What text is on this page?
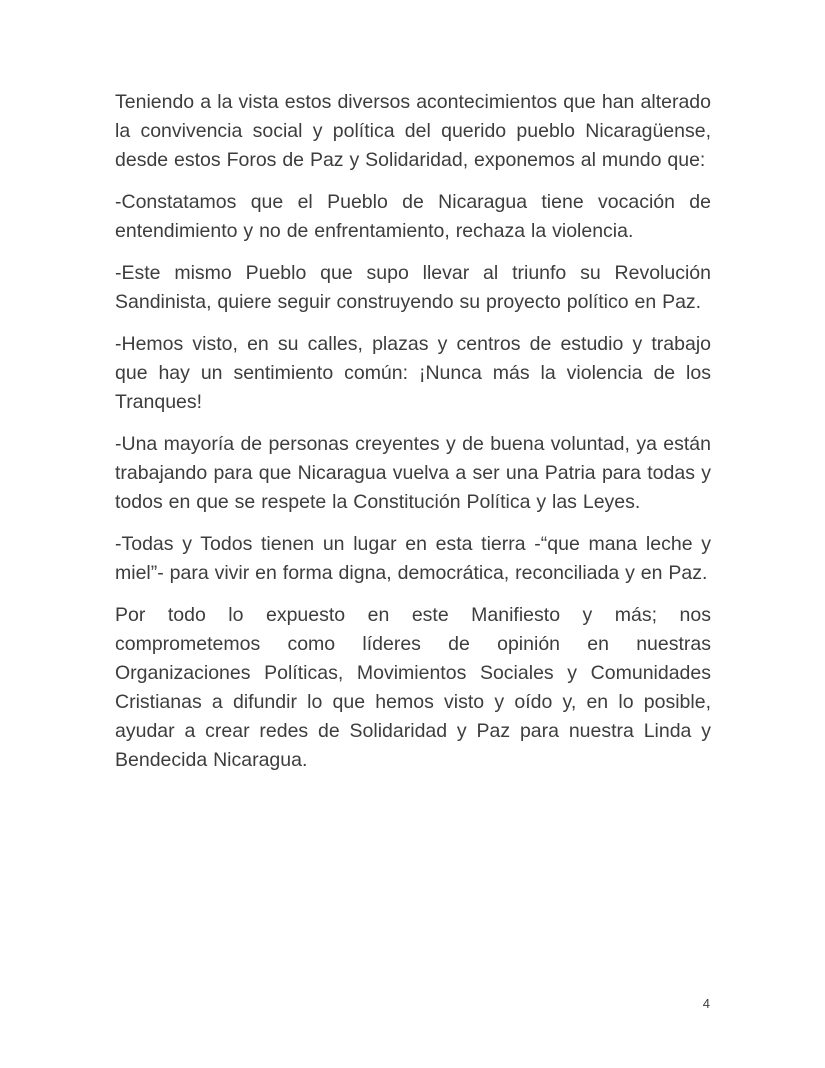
Teniendo a la vista estos diversos acontecimientos que han alterado la convivencia social y política del querido pueblo Nicaragüense, desde estos Foros de Paz y Solidaridad, exponemos al mundo que:

-Constatamos que el Pueblo de Nicaragua tiene vocación de entendimiento y no de enfrentamiento, rechaza la violencia.

-Este mismo Pueblo que supo llevar al triunfo su Revolución Sandinista, quiere seguir construyendo su proyecto político en Paz.

-Hemos visto, en su calles, plazas y centros de estudio y trabajo que hay un sentimiento común: ¡Nunca más la violencia de los Tranques!

-Una mayoría de personas creyentes y de buena voluntad, ya están trabajando para que Nicaragua vuelva a ser una Patria para todas y todos en que se respete la Constitución Política y las Leyes.

-Todas y Todos tienen un lugar en esta tierra -“que mana leche y miel”- para vivir en forma digna, democrática, reconciliada y en Paz.

Por todo lo expuesto en este Manifiesto y más; nos comprometemos como líderes de opinión en nuestras Organizaciones Políticas, Movimientos Sociales y Comunidades Cristianas a difundir lo que hemos visto y oído y, en lo posible, ayudar a crear redes de Solidaridad y Paz para nuestra Linda y Bendecida Nicaragua.

4
